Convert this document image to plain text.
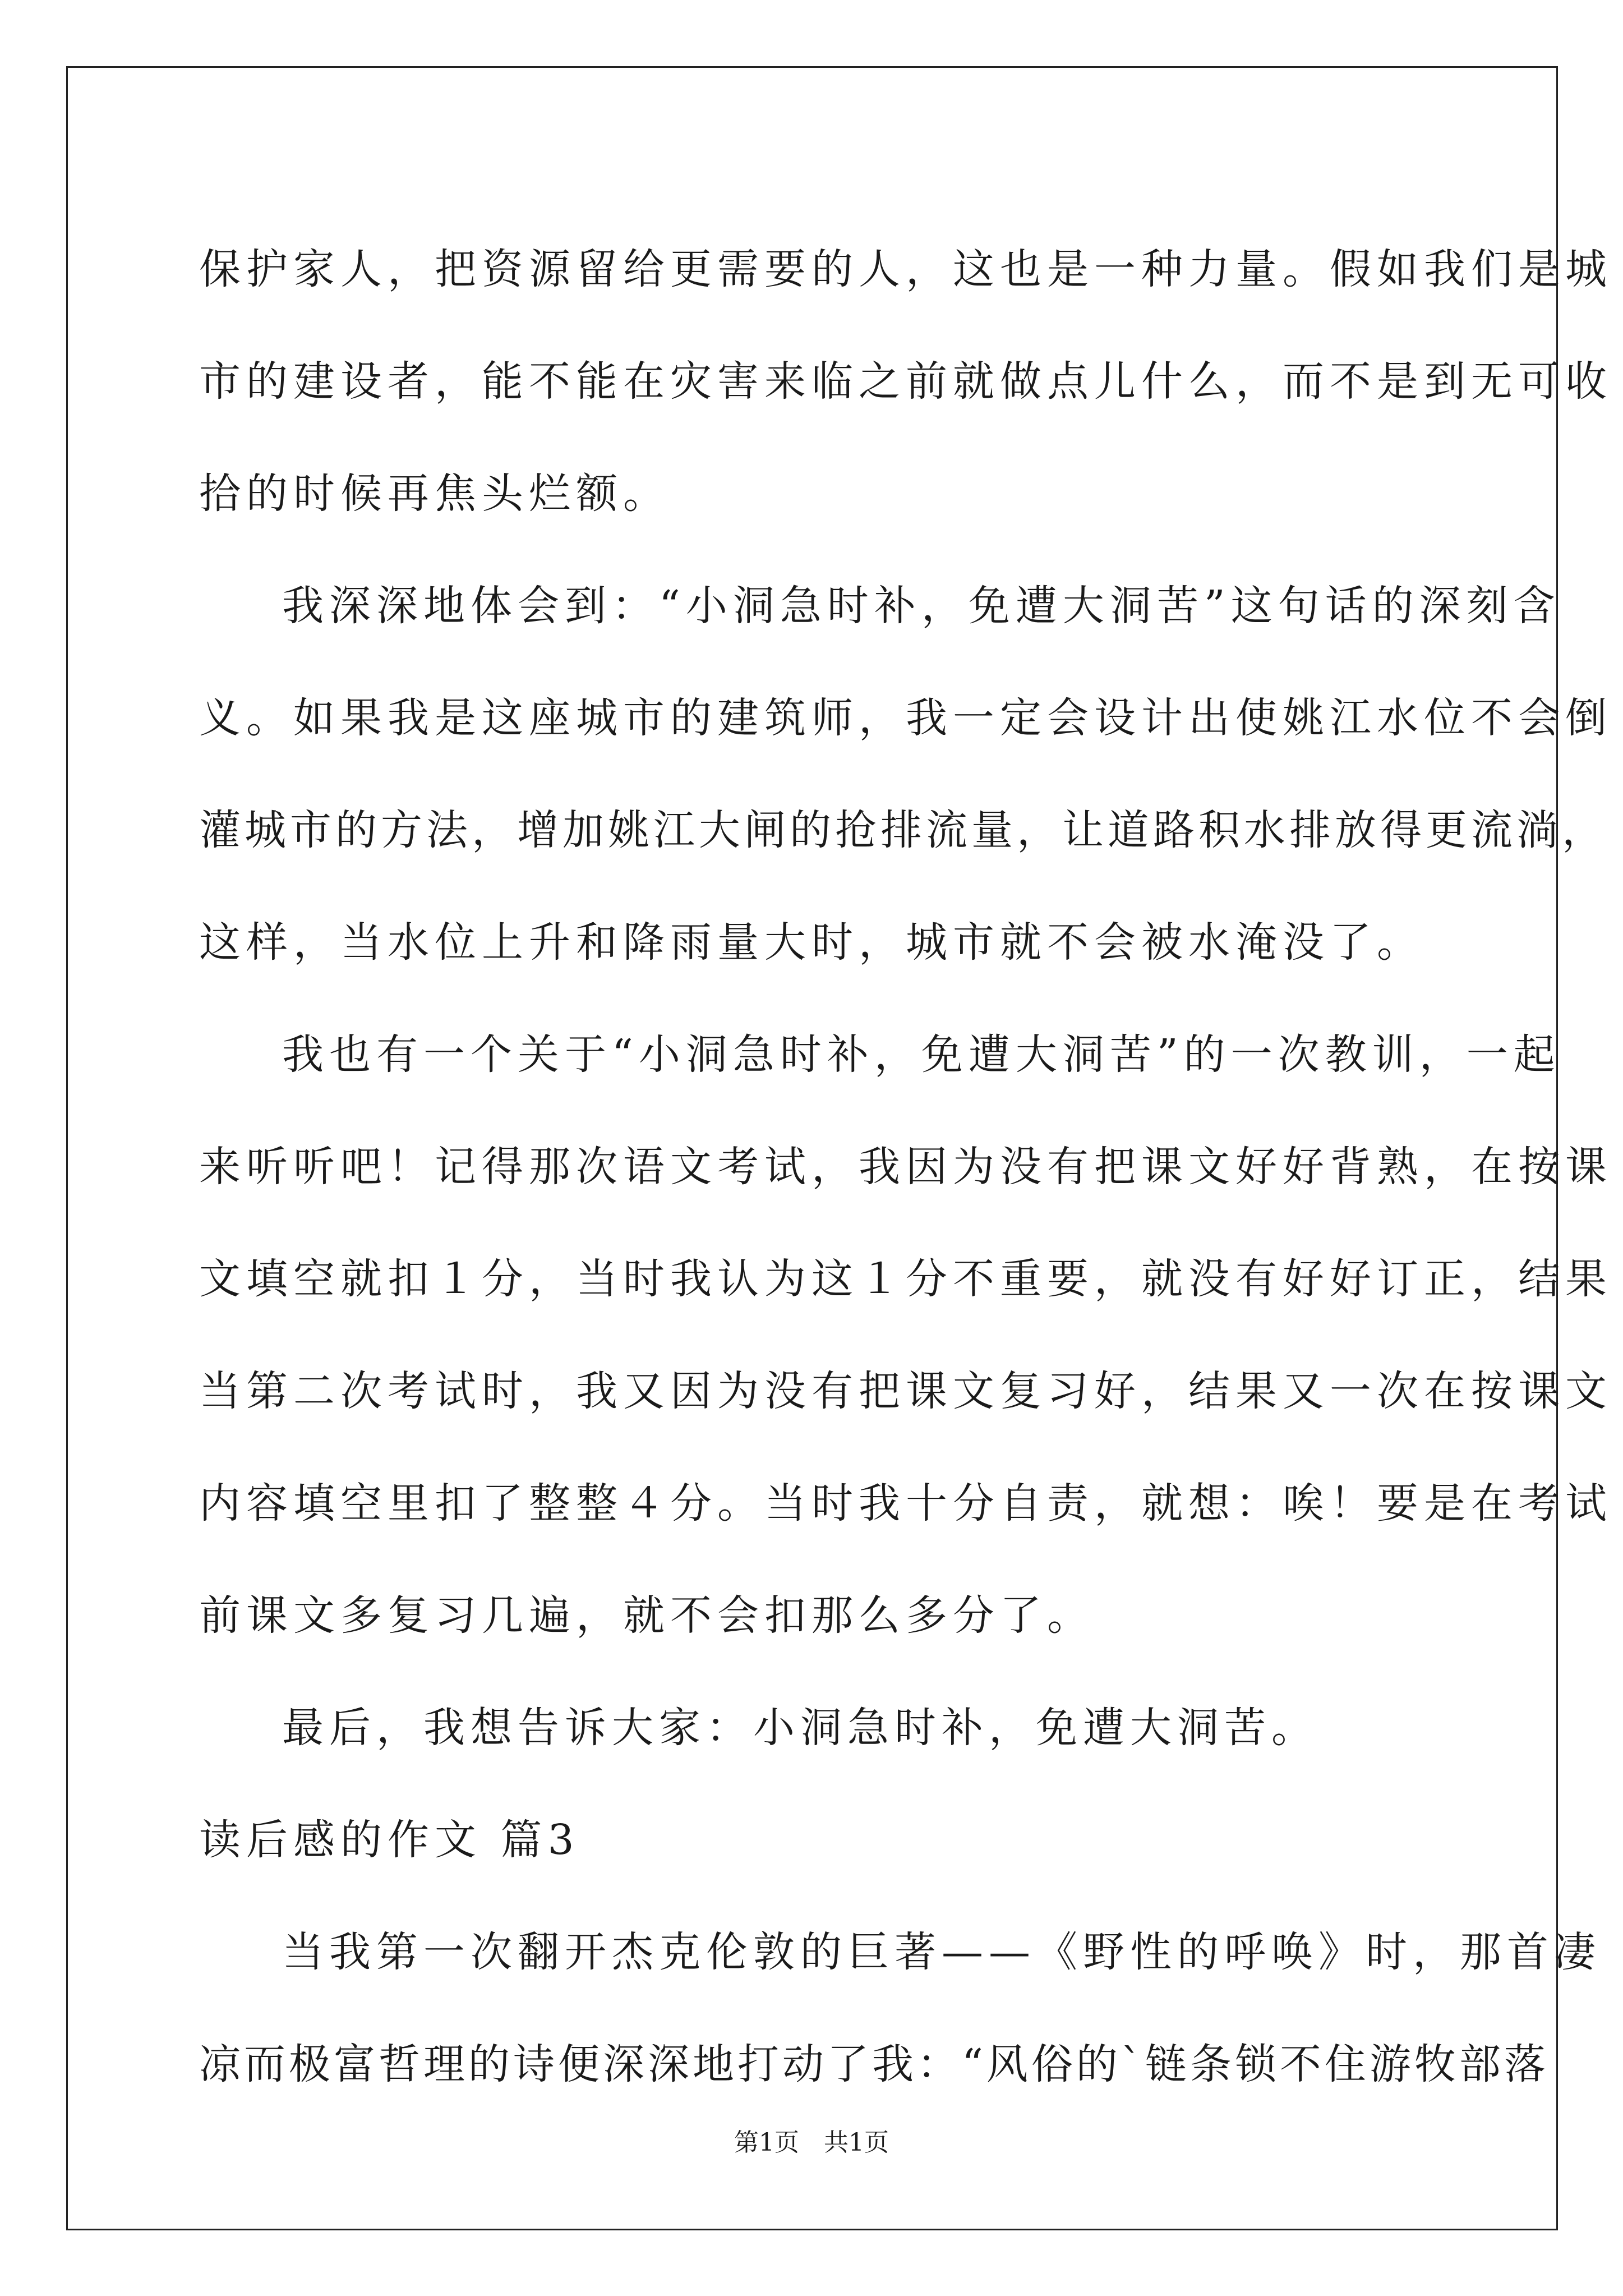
保护家人，把资源留给更需要的人，这也是一种力量。假如我们是城
市的建设者，能不能在灾害来临之前就做点儿什么，而不是到无可收
拾的时候再焦头烂额。
我深深地体会到：“小洞急时补，免遭大洞苦”这句话的深刻含
义。如果我是这座城市的建筑师，我一定会设计出使姚江水位不会倒
灌城市的方法，增加姚江大闸的抢排流量，让道路积水排放得更流淌，
这样，当水位上升和降雨量大时，城市就不会被水淹没了。
我也有一个关于“小洞急时补，免遭大洞苦”的一次教训，一起
来听听吧！记得那次语文考试，我因为没有把课文好好背熟，在按课
文填空就扣１分，当时我认为这１分不重要，就没有好好订正，结果
当第二次考试时，我又因为没有把课文复习好，结果又一次在按课文
内容填空里扣了整整４分。当时我十分自责，就想：唉！要是在考试
前课文多复习几遍，就不会扣那么多分了。
最后，我想告诉大家：小洞急时补，免遭大洞苦。
读后感的作文 篇3
当我第一次翻开杰克伦敦的巨著——《野性的呼唤》时，那首凄
凉而极富哲理的诗便深深地打动了我：“风俗的`链条锁不住游牧部落
第1页　共1页
